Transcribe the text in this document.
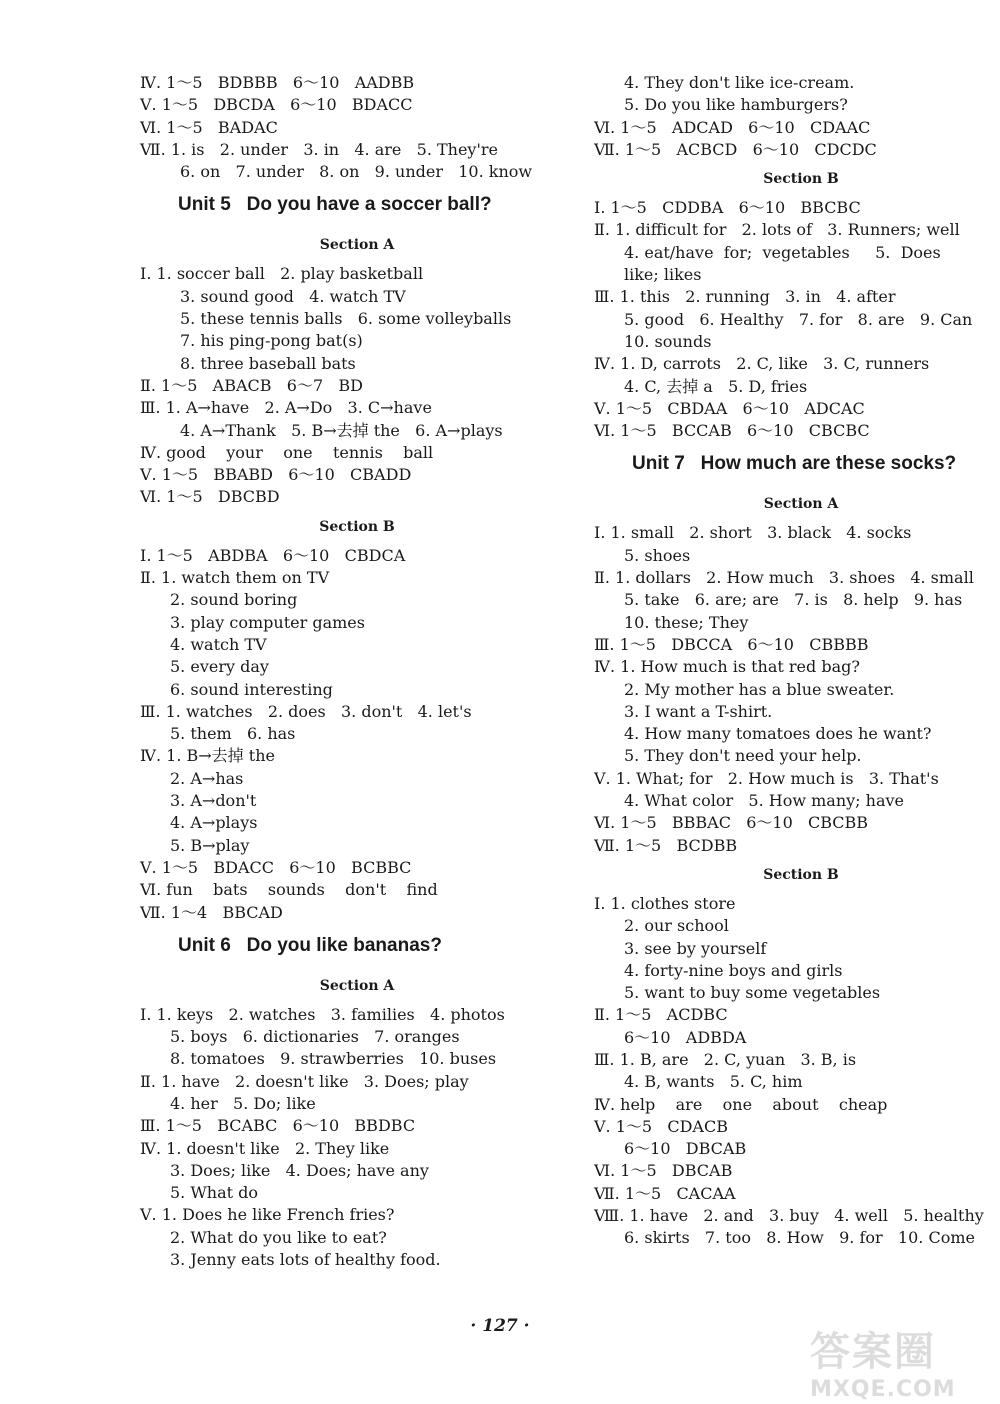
Ⅳ. 1～5   BDBBB   6～10   AADBB
Ⅴ. 1～5   DBCDA   6～10   BDACC
Ⅵ. 1～5   BADAC
Ⅶ. 1. is   2. under   3. in   4. are   5. They're
6. on   7. under   8. on   9. under   10. know
Unit 5   Do you have a soccer ball?
Section A
Ⅰ. 1. soccer ball   2. play basketball
3. sound good   4. watch TV
5. these tennis balls   6. some volleyballs
7. his ping-pong bat(s)
8. three baseball bats
Ⅱ. 1～5   ABACB   6～7   BD
Ⅲ. 1. A→have   2. A→Do   3. C→have
4. A→Thank   5. B→去掉 the   6. A→plays
Ⅳ. good    your    one    tennis    ball
Ⅴ. 1～5   BBABD   6～10   CBADD
Ⅵ. 1～5   DBCBD
Section B
Ⅰ. 1～5   ABDBA   6～10   CBDCA
Ⅱ. 1. watch them on TV
2. sound boring
3. play computer games
4. watch TV
5. every day
6. sound interesting
Ⅲ. 1. watches   2. does   3. don't   4. let's
5. them   6. has
Ⅳ. 1. B→去掉 the
2. A→has
3. A→don't
4. A→plays
5. B→play
Ⅴ. 1～5   BDACC   6～10   BCBBC
Ⅵ. fun    bats    sounds    don't    find
Ⅶ. 1～4   BBCAD
Unit 6   Do you like bananas?
Section A
Ⅰ. 1. keys   2. watches   3. families   4. photos
5. boys   6. dictionaries   7. oranges
8. tomatoes   9. strawberries   10. buses
Ⅱ. 1. have   2. doesn't like   3. Does; play
4. her   5. Do; like
Ⅲ. 1～5   BCABC   6～10   BBDBC
Ⅳ. 1. doesn't like   2. They like
3. Does; like   4. Does; have any
5. What do
Ⅴ. 1. Does he like French fries?
2. What do you like to eat?
3. Jenny eats lots of healthy food.
4. They don't like ice-cream.
5. Do you like hamburgers?
Ⅵ. 1～5   ADCAD   6～10   CDAAC
Ⅶ. 1～5   ACBCD   6～10   CDCDC
Section B
Ⅰ. 1～5   CDDBA   6～10   BBCBC
Ⅱ. 1. difficult for   2. lots of   3. Runners; well
4. eat/have  for;  vegetables     5.  Does
like; likes
Ⅲ. 1. this   2. running   3. in   4. after
5. good   6. Healthy   7. for   8. are   9. Can
10. sounds
Ⅳ. 1. D, carrots   2. C, like   3. C, runners
4. C, 去掉 a   5. D, fries
Ⅴ. 1～5   CBDAA   6～10   ADCAC
Ⅵ. 1～5   BCCAB   6～10   CBCBC
Unit 7   How much are these socks?
Section A
Ⅰ. 1. small   2. short   3. black   4. socks
5. shoes
Ⅱ. 1. dollars   2. How much   3. shoes   4. small
5. take   6. are; are   7. is   8. help   9. has
10. these; They
Ⅲ. 1～5   DBCCA   6～10   CBBBB
Ⅳ. 1. How much is that red bag?
2. My mother has a blue sweater.
3. I want a T-shirt.
4. How many tomatoes does he want?
5. They don't need your help.
Ⅴ. 1. What; for   2. How much is   3. That's
4. What color   5. How many; have
Ⅵ. 1～5   BBBAC   6～10   CBCBB
Ⅶ. 1～5   BCDBB
Section B
Ⅰ. 1. clothes store
2. our school
3. see by yourself
4. forty-nine boys and girls
5. want to buy some vegetables
Ⅱ. 1～5   ACDBC
6～10   ADBDA
Ⅲ. 1. B, are   2. C, yuan   3. B, is
4. B, wants   5. C, him
Ⅳ. help    are    one    about    cheap
Ⅴ. 1～5   CDACB
6～10   DBCAB
Ⅵ. 1～5   DBCAB
Ⅶ. 1～5   CACAA
Ⅷ. 1. have   2. and   3. buy   4. well   5. healthy
6. skirts   7. too   8. How   9. for   10. Come
· 127 ·
答案圈
MXQE.COM
